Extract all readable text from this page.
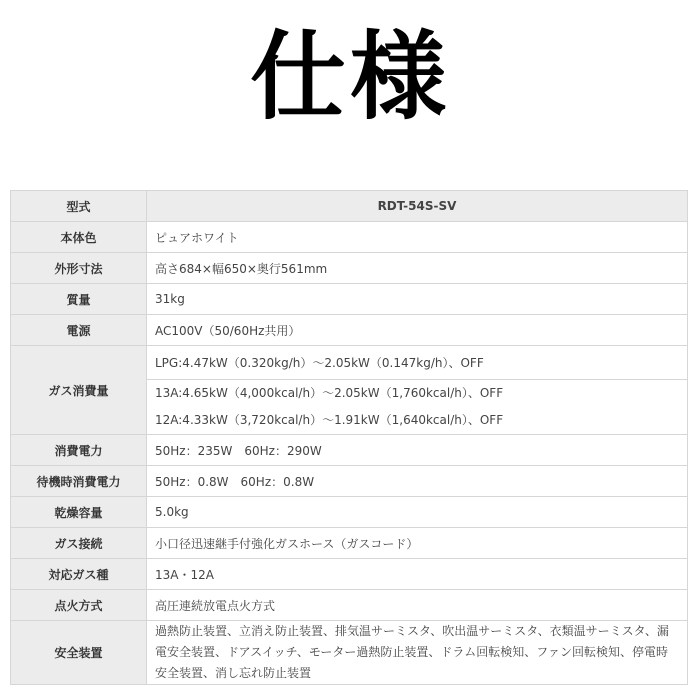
仕様
型式	RDT-54S-SV
本体色	ピュアホワイト
外形寸法	高さ684×幅650×奥行561mm
質量	31kg
電源	AC100V（50/60Hz共用）
ガス消費量	LPG:4.47kW（0.320kg/h）～2.05kW（0.147kg/h）、OFF

	13A:4.65kW（4,000kcal/h）～2.05kW（1,760kcal/h）、OFF
12A:4.33kW（3,720kcal/h）～1.91kW（1,640kcal/h）、OFF

消費電力	50Hz：235W　60Hz：290W
待機時消費電力	50Hz：0.8W　60Hz：0.8W
乾燥容量	5.0kg
ガス接続	小口径迅速継手付強化ガスホース（ガスコード）
対応ガス種	13A・12A
点火方式	高圧連続放電点火方式
安全装置	過熱防止装置、立消え防止装置、排気温サーミスタ、吹出温サーミスタ、衣類温サーミスタ、漏電安全装置、ドアスイッチ、モーター過熱防止装置、ドラム回転検知、ファン回転検知、停電時安全装置、消し忘れ防止装置
